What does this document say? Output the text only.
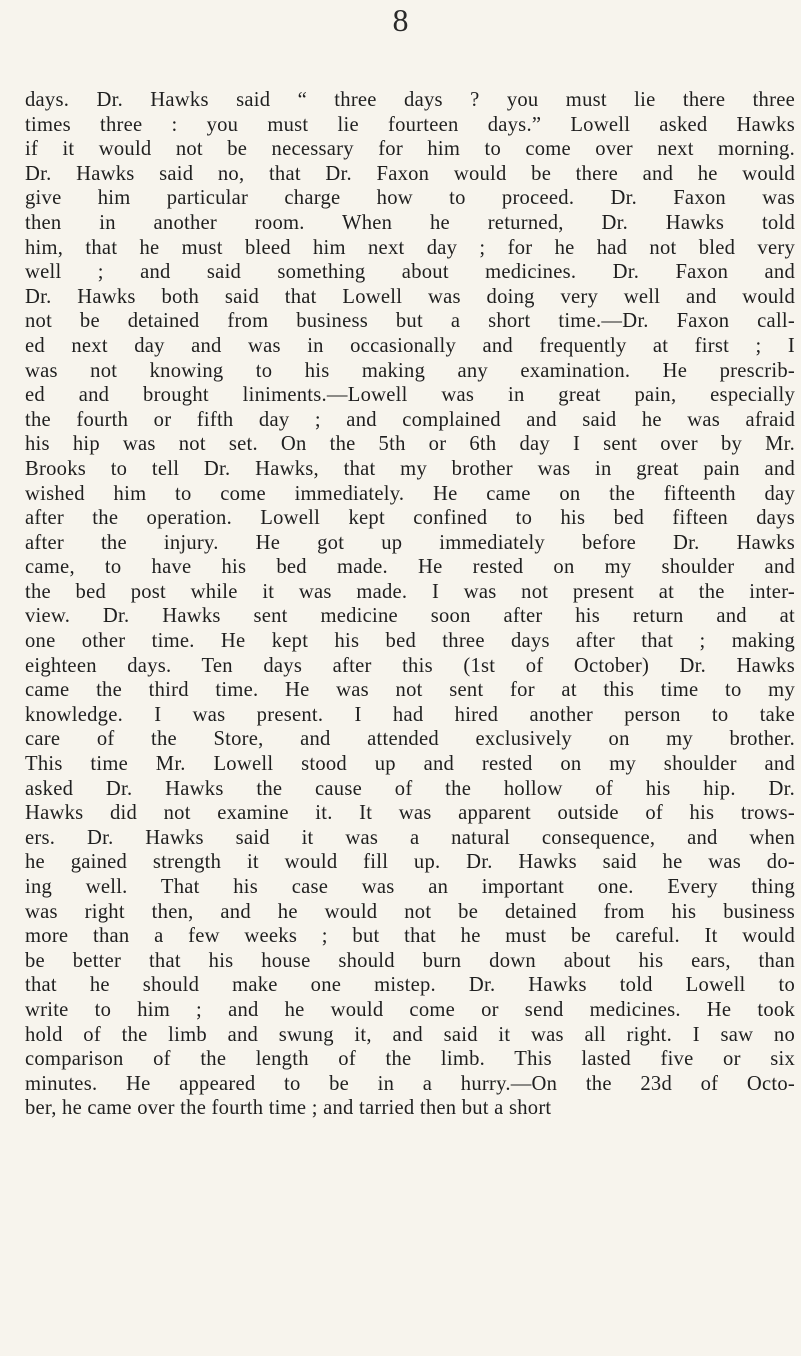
8
days. Dr. Hawks said “ three days ? you must lie there three
times three : you must lie fourteen days.” Lowell asked Hawks
if it would not be necessary for him to come over next morning.
Dr. Hawks said no, that Dr. Faxon would be there and he would
give him particular charge how to proceed. Dr. Faxon was
then in another room. When he returned, Dr. Hawks told
him, that he must bleed him next day ; for he had not bled very
well ; and said something about medicines. Dr. Faxon and
Dr. Hawks both said that Lowell was doing very well and would
not be detained from business but a short time.—Dr. Faxon call-
ed next day and was in occasionally and frequently at first ; I
was not knowing to his making any examination. He prescrib-
ed and brought liniments.—Lowell was in great pain, especially
the fourth or fifth day ; and complained and said he was afraid
his hip was not set. On the 5th or 6th day I sent over by Mr.
Brooks to tell Dr. Hawks, that my brother was in great pain and
wished him to come immediately. He came on the fifteenth day
after the operation. Lowell kept confined to his bed fifteen days
after the injury. He got up immediately before Dr. Hawks
came, to have his bed made. He rested on my shoulder and
the bed post while it was made. I was not present at the inter-
view. Dr. Hawks sent medicine soon after his return and at
one other time. He kept his bed three days after that ; making
eighteen days. Ten days after this (1st of October) Dr. Hawks
came the third time. He was not sent for at this time to my
knowledge. I was present. I had hired another person to take
care of the Store, and attended exclusively on my brother.
This time Mr. Lowell stood up and rested on my shoulder and
asked Dr. Hawks the cause of the hollow of his hip. Dr.
Hawks did not examine it. It was apparent outside of his trows-
ers. Dr. Hawks said it was a natural consequence, and when
he gained strength it would fill up. Dr. Hawks said he was do-
ing well. That his case was an important one. Every thing
was right then, and he would not be detained from his business
more than a few weeks ; but that he must be careful. It would
be better that his house should burn down about his ears, than
that he should make one mistep. Dr. Hawks told Lowell to
write to him ; and he would come or send medicines. He took
hold of the limb and swung it, and said it was all right. I saw no
comparison of the length of the limb. This lasted five or six
minutes. He appeared to be in a hurry.—On the 23d of Octo-
ber, he came over the fourth time ; and tarried then but a short
